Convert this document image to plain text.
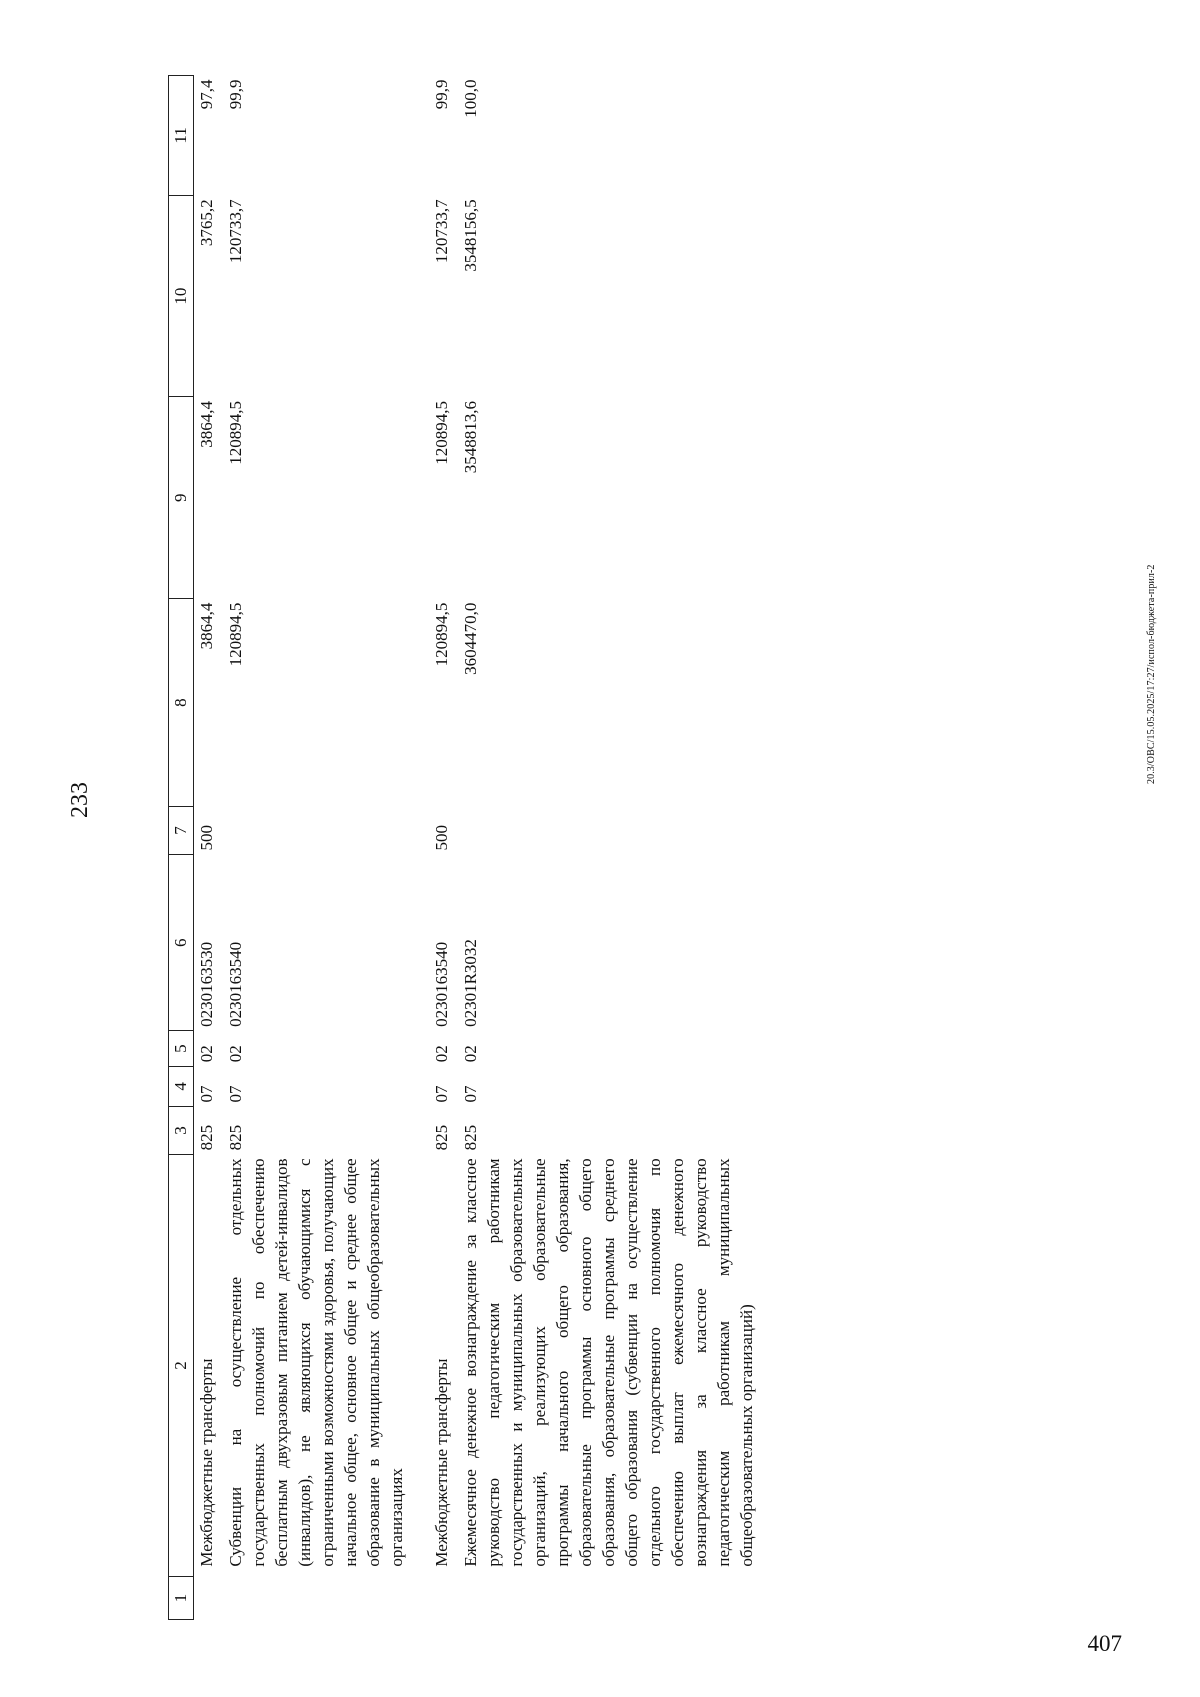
233
1	2	3	4	5	6	7	8	9	10	11
	Межбюджетные трансферты	825	07	02	0230163530	500	3864,4	3864,4	3765,2	97,4
	Субвенции на осуществление отдельных государственных полномочий по обеспечению бесплатным двухразовым питанием детей-инвалидов (инвалидов), не являющихся обучающимися с ограниченными возможностями здоровья, получающих начальное общее, основное общее и среднее общее образование в муниципальных общеобразовательных организациях	825	07	02	0230163540		120894,5	120894,5	120733,7	99,9

	Межбюджетные трансферты	825	07	02	0230163540	500	120894,5	120894,5	120733,7	99,9
	Ежемесячное денежное вознаграждение за классное руководство педагогическим работникам государственных и муниципальных образовательных организаций, реализующих образовательные программы начального общего образования, образовательные программы основного общего образования, образовательные программы среднего общего образования (субвенции на осуществление отдельного государственного полномочия по обеспечению выплат ежемесячного денежного вознаграждения за классное руководство педагогическим работникам муниципальных общеобразовательных организаций)	825	07	02	02301R3032		3604470,0	3548813,6	3548156,5	100,0
20.3/ОВС/15.05.2025/17:27/испол-бюджета-прил-2
407
